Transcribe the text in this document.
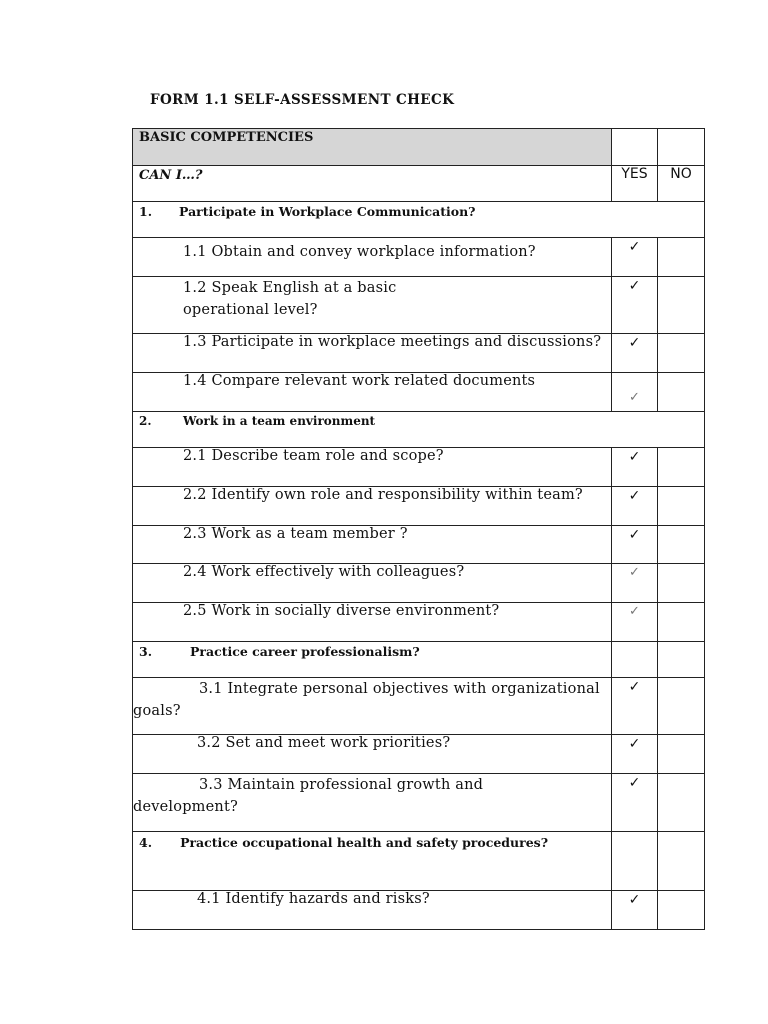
FORM 1.1 SELF-ASSESSMENT CHECK
BASIC COMPETENCIES		

CAN I…?	YES	NO

1. Participate in Workplace Communication?		

1.1 Obtain and convey workplace information?	✓	

1.2 Speak English at a basic operational level?	✓	

1.3 Participate in workplace meetings and discussions?	✓	

1.4 Compare relevant work related documents	✓	

2. Work in a team environment		

2.1 Describe team role and scope?	✓	

2.2 Identify own role and responsibility within team?	✓	

2.3 Work as a team member ?	✓	

2.4 Work effectively with colleagues?	✓	

2.5 Work in socially diverse environment?	✓	

3. Practice career professionalism?		

3.1 Integrate personal objectives with organizational goals?	✓	

3.2 Set and meet work priorities?	✓	

3.3 Maintain professional growth and development?	✓	

4. Practice occupational health and safety procedures?		

4.1 Identify hazards and risks?	✓	
